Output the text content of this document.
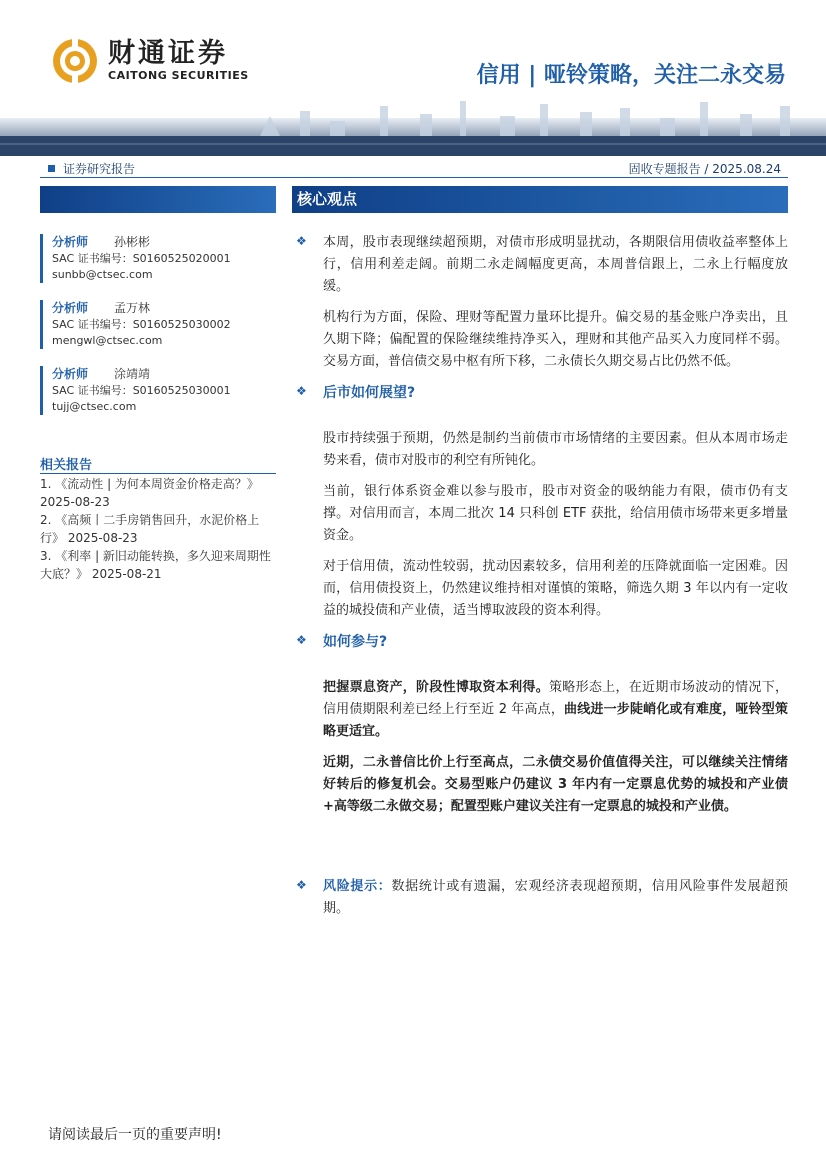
财通证券
CAITONG SECURITIES	信用 | 哑铃策略，关注二永交易
证券研究报告	固收专题报告 / 2025.08.24
核心观点
分析师	孙彬彬
SAC 证书编号：S0160525020001
sunbb@ctsec.com
分析师	孟万林
SAC 证书编号：S0160525030002
mengwl@ctsec.com
分析师	涂靖靖
SAC 证书编号：S0160525030001
tujj@ctsec.com
相关报告

1. 《流动性 | 为何本周资金价格走高？》 2025-08-23

2. 《高频丨二手房销售回升，水泥价格上行》 2025-08-23

3. 《利率 | 新旧动能转换，多久迎来周期性大底？》 2025-08-21

❖ 本周，股市表现继续超预期，对债市形成明显扰动，各期限信用债收益率整体上行，信用利差走阔。前期二永走阔幅度更高，本周普信跟上，二永上行幅度放缓。

机构行为方面，保险、理财等配置力量环比提升。偏交易的基金账户净卖出，且久期下降；偏配置的保险继续维持净买入，理财和其他产品买入力度同样不弱。交易方面，普信债交易中枢有所下移，二永债长久期交易占比仍然不低。

❖ 后市如何展望?

股市持续强于预期，仍然是制约当前债市市场情绪的主要因素。但从本周市场走势来看，债市对股市的利空有所钝化。

当前，银行体系资金难以参与股市，股市对资金的吸纳能力有限，债市仍有支撑。对信用而言，本周二批次 14 只科创 ETF 获批，给信用债市场带来更多增量资金。

对于信用债，流动性较弱，扰动因素较多，信用利差的压降就面临一定困难。因而，信用债投资上，仍然建议维持相对谨慎的策略，筛选久期 3 年以内有一定收益的城投债和产业债，适当博取波段的资本利得。

❖ 如何参与?

把握票息资产，阶段性博取资本利得。策略形态上，在近期市场波动的情况下，信用债期限利差已经上行至近 2 年高点，曲线进一步陡峭化或有难度，哑铃型策略更适宜。

近期，二永普信比价上行至高点，二永债交易价值值得关注，可以继续关注情绪好转后的修复机会。交易型账户仍建议 3 年内有一定票息优势的城投和产业债+高等级二永做交易；配置型账户建议关注有一定票息的城投和产业债。

❖ 风险提示：数据统计或有遗漏，宏观经济表现超预期，信用风险事件发展超预期。

请阅读最后一页的重要声明!
